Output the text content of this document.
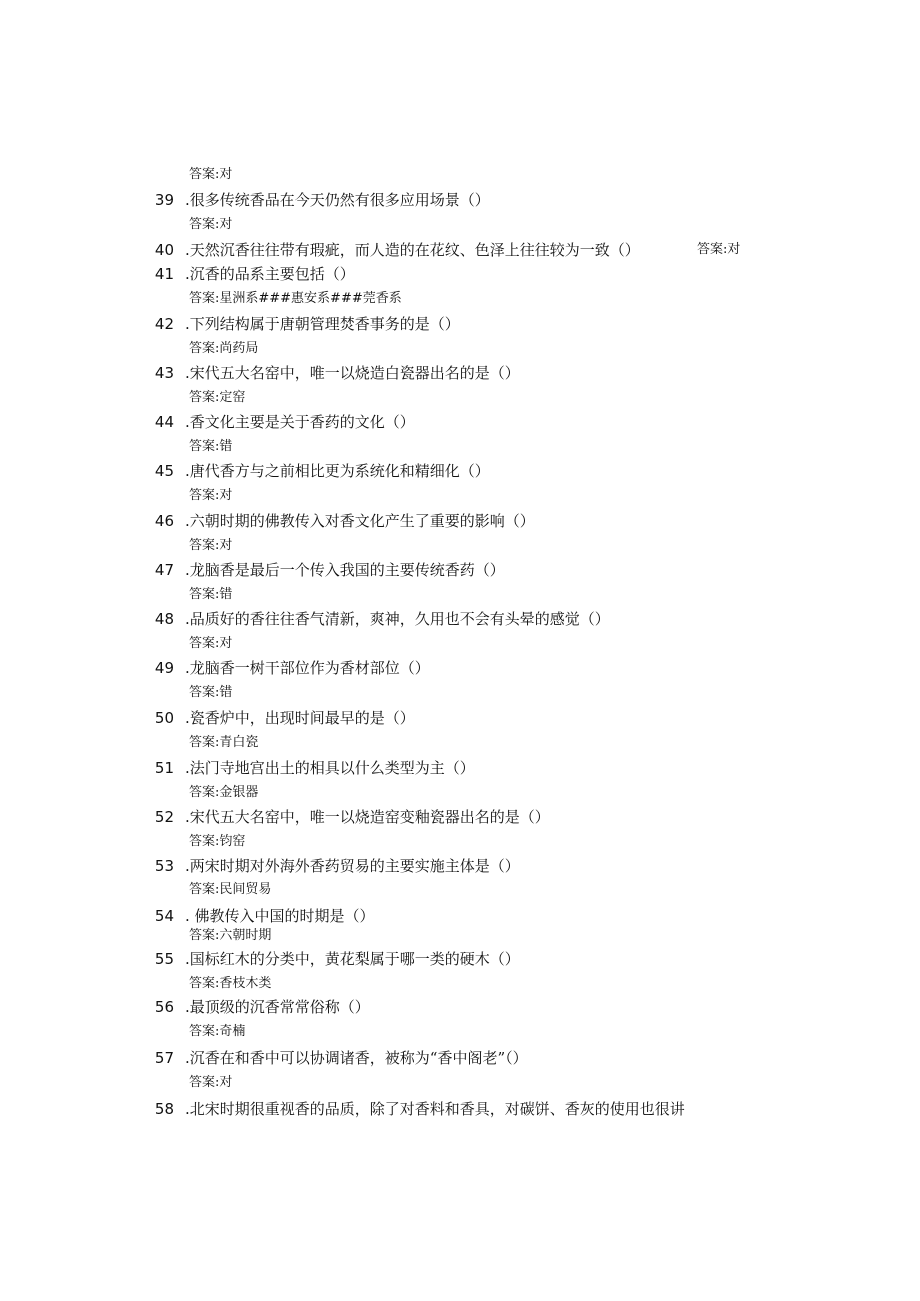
答案:对
39 .很多传统香品在今天仍然有很多应用场景（）
答案:对
40 .天然沉香往往带有瑕疵，而人造的在花纹、色泽上往往较为一致（）	答案:对
41 .沉香的品系主要包括（）
答案:星洲系###惠安系###莞香系
42 .下列结构属于唐朝管理焚香事务的是（）
答案:尚药局
43 .宋代五大名窑中，唯一以烧造白瓷器出名的是（）
答案:定窑
44 .香文化主要是关于香药的文化（）
答案:错
45 .唐代香方与之前相比更为系统化和精细化（）
答案:对
46 .六朝时期的佛教传入对香文化产生了重要的影响（）
答案:对
47 .龙脑香是最后一个传入我国的主要传统香药（）
答案:错
48 .品质好的香往往香气清新，爽神，久用也不会有头晕的感觉（）
答案:对
49 .龙脑香一树干部位作为香材部位（）
答案:错
50 .瓷香炉中，出现时间最早的是（）
答案:青白瓷
51 .法门寺地宫出土的相具以什么类型为主（）
答案:金银器
52 .宋代五大名窑中，唯一以烧造窑变釉瓷器出名的是（）
答案:钧窑
53 .两宋时期对外海外香药贸易的主要实施主体是（）
答案:民间贸易
54 . 佛教传入中国的时期是（）
答案:六朝时期
55 .国标红木的分类中，黄花梨属于哪一类的硬木（）
答案:香枝木类
56 .最顶级的沉香常常俗称（）
答案:奇楠
57 .沉香在和香中可以协调诸香，被称为“香中阁老”（）
答案:对
58 .北宋时期很重视香的品质，除了对香料和香具，对碳饼、香灰的使用也很讲
